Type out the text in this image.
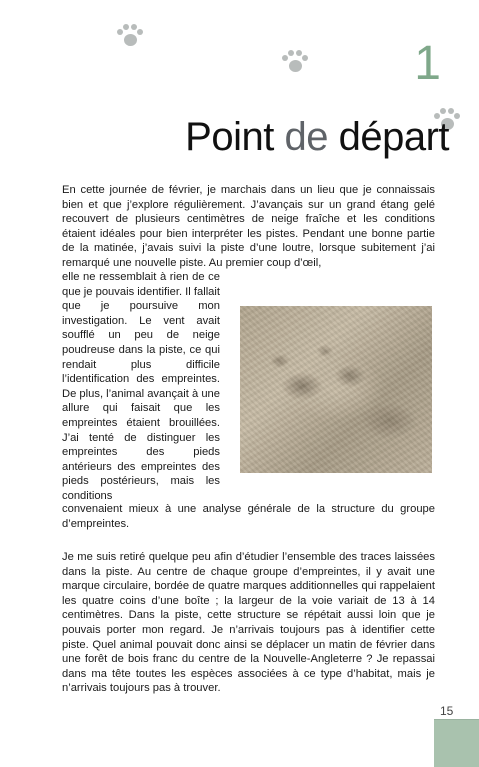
1
Point de départ

En cette journée de février, je marchais dans un lieu que je connaissais bien et que j’explore régulièrement. J’avançais sur un grand étang gelé recouvert de plusieurs centimètres de neige fraîche et les conditions étaient idéales pour bien interpréter les pistes. Pendant une bonne partie de la matinée, j’avais suivi la piste d’une loutre, lorsque subitement j’ai remarqué une nouvelle piste. Au premier coup d’œil,

elle ne ressemblait à rien de ce que je pouvais identifier. Il fallait que je poursuive mon investigation. Le vent avait soufflé un peu de neige poudreuse dans la piste, ce qui rendait plus difficile l’identification des empreintes. De plus, l’animal avançait à une allure qui faisait que les empreintes étaient brouillées. J’ai tenté de distinguer les empreintes des pieds antérieurs des empreintes des pieds postérieurs, mais les conditions

convenaient mieux à une analyse générale de la structure du groupe d’empreintes.

Je me suis retiré quelque peu afin d’étudier l’ensemble des traces laissées dans la piste. Au centre de chaque groupe d’empreintes, il y avait une marque circulaire, bordée de quatre marques additionnelles qui rappelaient les quatre coins d’une boîte ; la largeur de la voie variait de 13 à 14 centimètres. Dans la piste, cette structure se répétait aussi loin que je pouvais porter mon regard. Je n’arrivais toujours pas à identifier cette piste. Quel animal pouvait donc ainsi se déplacer un matin de février dans une forêt de bois franc du centre de la Nouvelle-Angleterre ? Je repassai dans ma tête toutes les espèces associées à ce type d’habitat, mais je n’arrivais toujours pas à trouver.

15
